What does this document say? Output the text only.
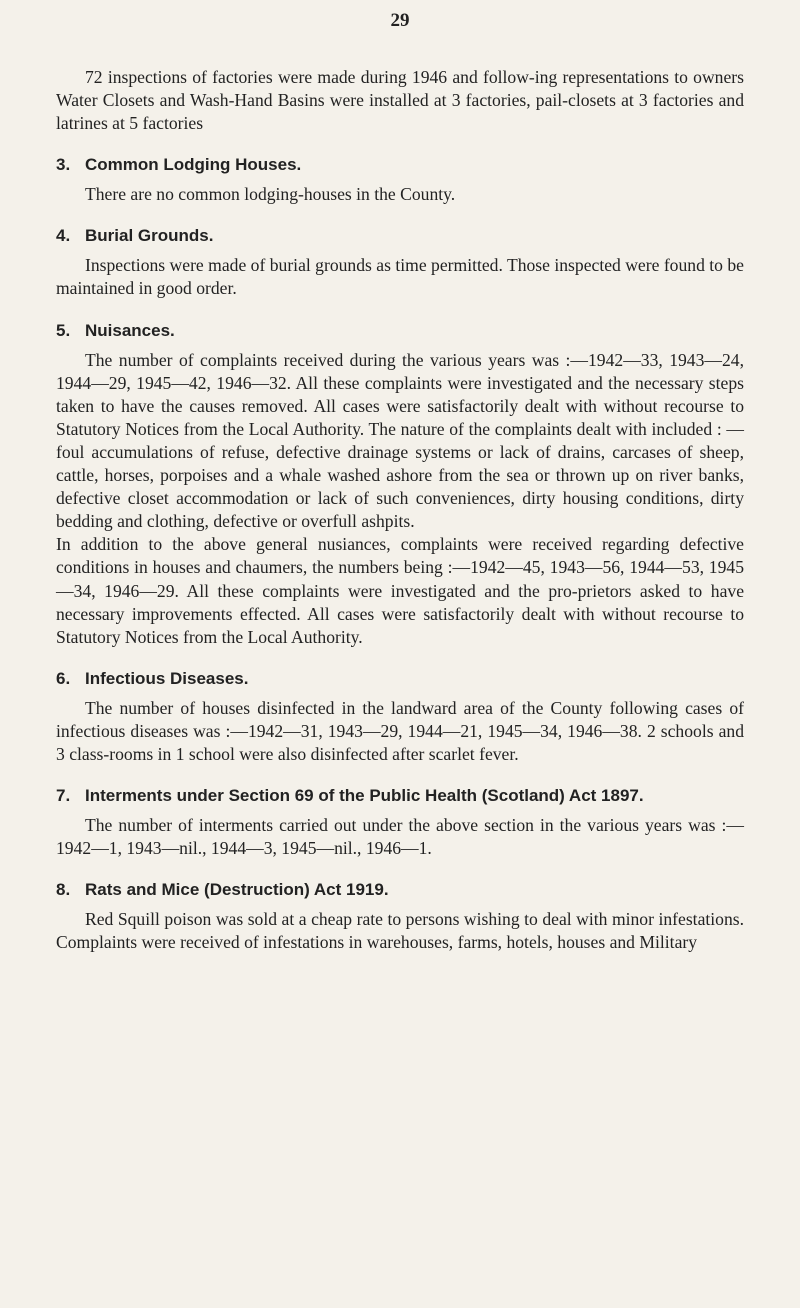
29

72 inspections of factories were made during 1946 and follow-ing representations to owners Water Closets and Wash-Hand Basins were installed at 3 factories, pail-closets at 3 factories and latrines at 5 factories

3. Common Lodging Houses.

There are no common lodging-houses in the County.

4. Burial Grounds.

Inspections were made of burial grounds as time permitted. Those inspected were found to be maintained in good order.

5. Nuisances.

The number of complaints received during the various years was :—1942—33, 1943—24, 1944—29, 1945—42, 1946—32. All these complaints were investigated and the necessary steps taken to have the causes removed. All cases were satisfactorily dealt with without recourse to Statutory Notices from the Local Authority. The nature of the complaints dealt with included : — foul accumulations of refuse, defective drainage systems or lack of drains, carcases of sheep, cattle, horses, porpoises and a whale washed ashore from the sea or thrown up on river banks, defective closet accommodation or lack of such conveniences, dirty housing conditions, dirty bedding and clothing, defective or overfull ashpits.

In addition to the above general nusiances, complaints were received regarding defective conditions in houses and chaumers, the numbers being :—1942—45, 1943—56, 1944—53, 1945—34, 1946—29. All these complaints were investigated and the pro-prietors asked to have necessary improvements effected. All cases were satisfactorily dealt with without recourse to Statutory Notices from the Local Authority.

6. Infectious Diseases.

The number of houses disinfected in the landward area of the County following cases of infectious diseases was :—1942—31, 1943—29, 1944—21, 1945—34, 1946—38. 2 schools and 3 class-rooms in 1 school were also disinfected after scarlet fever.

7. Interments under Section 69 of the Public Health (Scotland) Act 1897.

The number of interments carried out under the above section in the various years was :—1942—1, 1943—nil., 1944—3, 1945—nil., 1946—1.

8. Rats and Mice (Destruction) Act 1919.

Red Squill poison was sold at a cheap rate to persons wishing to deal with minor infestations. Complaints were received of infestations in warehouses, farms, hotels, houses and Military
